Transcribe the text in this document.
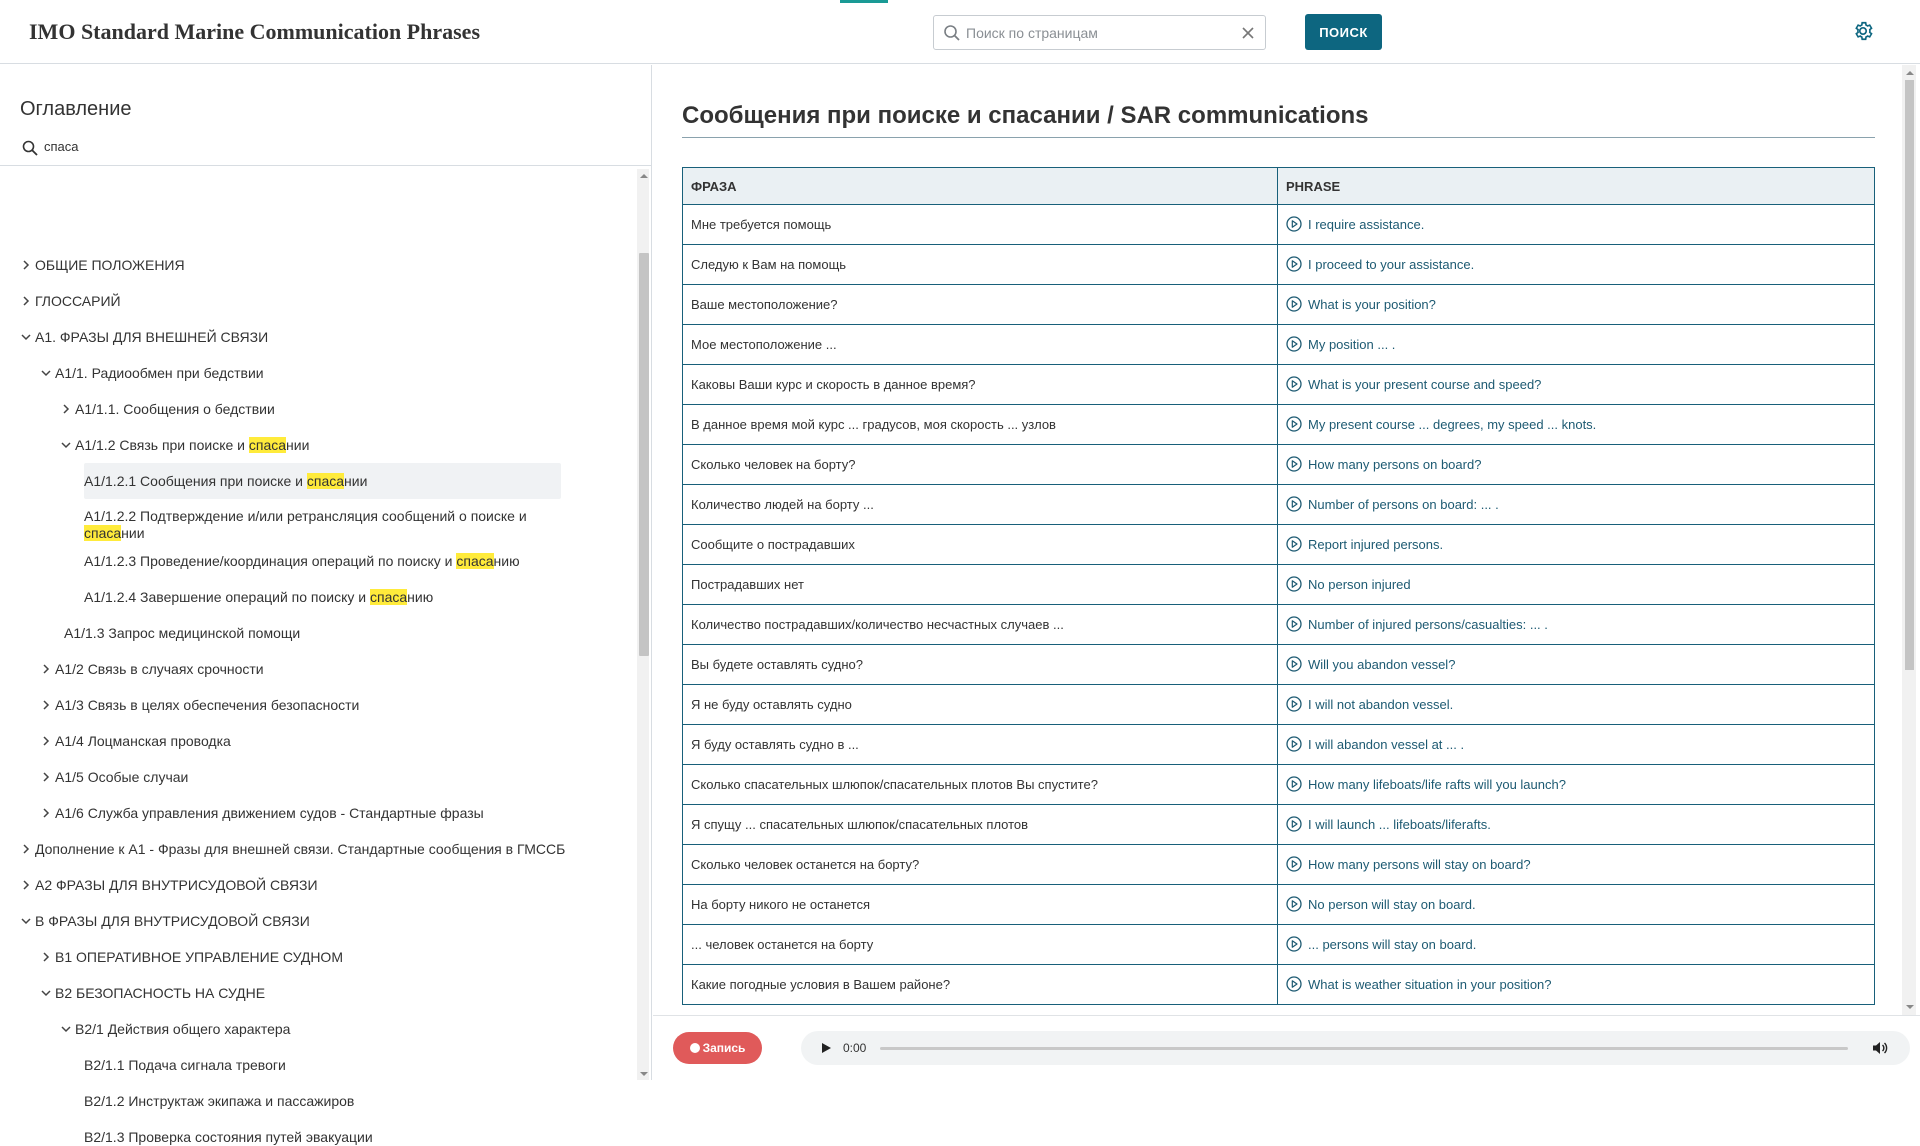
IMO Standard Marine Communication Phrases
Поиск по страницам	ПОИСК
Оглавление
спаса
ОБЩИЕ ПОЛОЖЕНИЯ
ГЛОССАРИЙ
А1. ФРАЗЫ ДЛЯ ВНЕШНЕЙ СВЯЗИ
А1/1. Радиообмен при бедствии
А1/1.1. Сообщения о бедствии
А1/1.2 Связь при поиске и спасании
А1/1.2.1 Сообщения при поиске и спасании
А1/1.2.2 Подтверждение и/или ретрансляция сообщений о поиске и
спасании
А1/1.2.3 Проведение/координация операций по поиску и спасанию
А1/1.2.4 Завершение операций по поиску и спасанию
А1/1.3 Запрос медицинской помощи
А1/2 Связь в случаях срочности
А1/3 Связь в целях обеспечения безопасности
А1/4 Лоцманская проводка
А1/5 Особые случаи
А1/6 Служба управления движением судов - Стандартные фразы
Дополнение к А1 - Фразы для внешней связи. Стандартные сообщения в ГМССБ
А2 ФРАЗЫ ДЛЯ ВНУТРИСУДОВОЙ СВЯЗИ
В ФРАЗЫ ДЛЯ ВНУТРИСУДОВОЙ СВЯЗИ
В1 ОПЕРАТИВНОЕ УПРАВЛЕНИЕ СУДНОМ
В2 БЕЗОПАСНОСТЬ НА СУДНЕ
В2/1 Действия общего характера
В2/1.1 Подача сигнала тревоги
В2/1.2 Инструктаж экипажа и пассажиров
В2/1.3 Проверка состояния путей эвакуации
Сообщения при поиске и спасании / SAR communications
ФРАЗА	PHRASE
Мне требуется помощь	I require assistance.
Следую к Вам на помощь	I proceed to your assistance.
Ваше местоположение?	What is your position?
Мое местоположение ...	My position ... .
Каковы Ваши курс и скорость в данное время?	What is your present course and speed?
В данное время мой курс ... градусов, моя скорость ... узлов	My present course ... degrees, my speed ... knots.
Сколько человек на борту?	How many persons on board?
Количество людей на борту ...	Number of persons on board: ... .
Сообщите о пострадавших	Report injured persons.
Пострадавших нет	No person injured
Количество пострадавших/количество несчастных случаев ...	Number of injured persons/casualties: ... .
Вы будете оставлять судно?	Will you abandon vessel?
Я не буду оставлять судно	I will not abandon vessel.
Я буду оставлять судно в ...	I will abandon vessel at ... .
Сколько спасательных шлюпок/спасательных плотов Вы спустите?	How many lifeboats/life rafts will you launch?
Я спущу ... спасательных шлюпок/спасательных плотов	I will launch ... lifeboats/liferafts.
Сколько человек останется на борту?	How many persons will stay on board?
На борту никого не останется	No person will stay on board.
... человек останется на борту	... persons will stay on board.
Какие погодные условия в Вашем районе?	What is weather situation in your position?
Запись	0:00
